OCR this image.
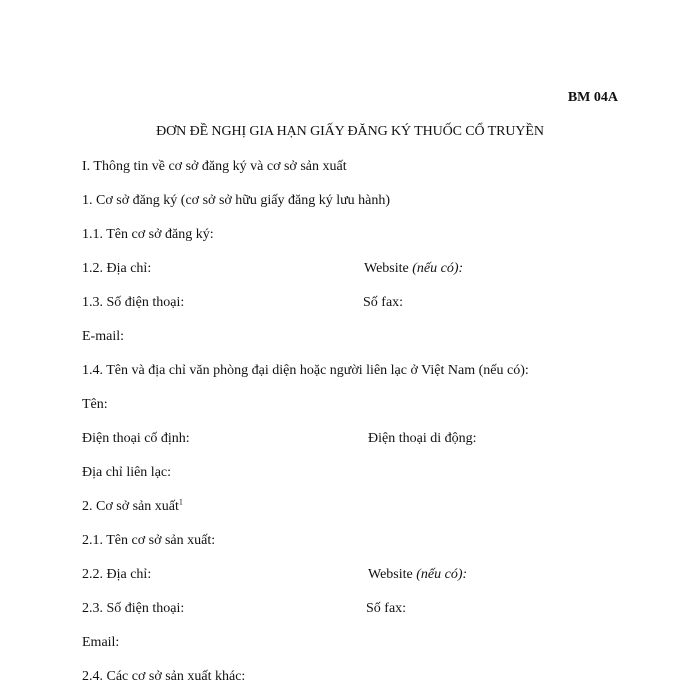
BM 04A
ĐƠN ĐỀ NGHỊ GIA HẠN GIẤY ĐĂNG KÝ THUỐC CỔ TRUYỀN
I. Thông tin về cơ sở đăng ký và cơ sở sản xuất
1. Cơ sở đăng ký (cơ sở sở hữu giấy đăng ký lưu hành)
1.1. Tên cơ sở đăng ký:
1.2. Địa chỉ:	Website (nếu có):
1.3. Số điện thoại:	Số fax:
E-mail:
1.4. Tên và địa chỉ văn phòng đại diện hoặc người liên lạc ở Việt Nam (nếu có):
Tên:
Điện thoại cố định:	Điện thoại di động:
Địa chỉ liên lạc:
2. Cơ sở sản xuất$^1$
2.1. Tên cơ sở sản xuất:
2.2. Địa chỉ:	Website (nếu có):
2.3. Số điện thoại:	Số fax:
Email:
2.4. Các cơ sở sản xuất khác:
